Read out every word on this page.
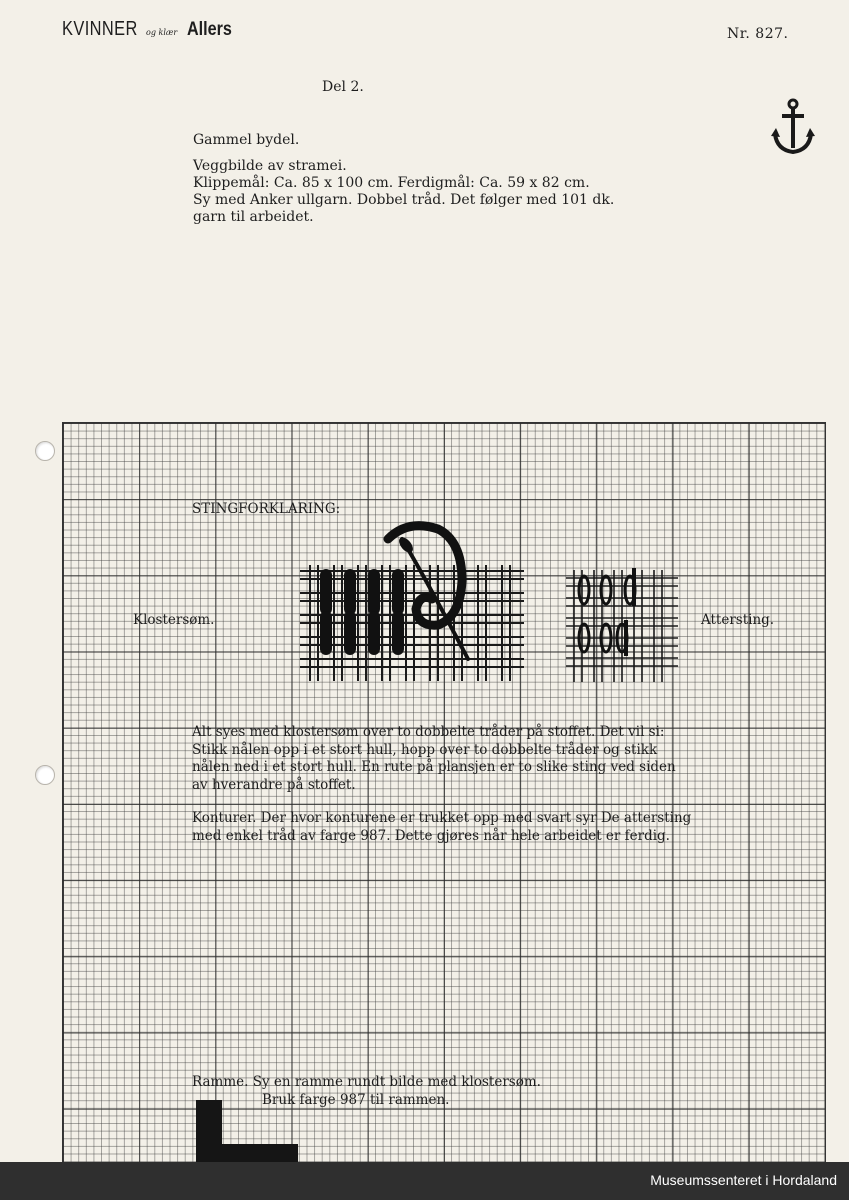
KVINNER og klær Allers	Nr. 827.
Del 2.
Gammel bydel.
Veggbilde av stramei.
Klippemål: Ca. 85 x 100 cm. Ferdigmål: Ca. 59 x 82 cm.
Sy med Anker ullgarn. Dobbel tråd. Det følger med 101 dk.
garn til arbeidet.
STINGFORKLARING:
Klostersøm.	Attersting.
Alt syes med klostersøm over to dobbelte tråder på stoffet. Det vil si:
Stikk nålen opp i et stort hull, hopp over to dobbelte tråder og stikk
nålen ned i et stort hull. En rute på plansjen er to slike sting ved siden
av hverandre på stoffet.
Konturer. Der hvor konturene er trukket opp med svart syr De attersting
med enkel tråd av farge 987. Dette gjøres når hele arbeidet er ferdig.
Ramme. Sy en ramme rundt bilde med klostersøm.
Bruk farge 987 til rammen.
Museumssenteret i Hordaland
